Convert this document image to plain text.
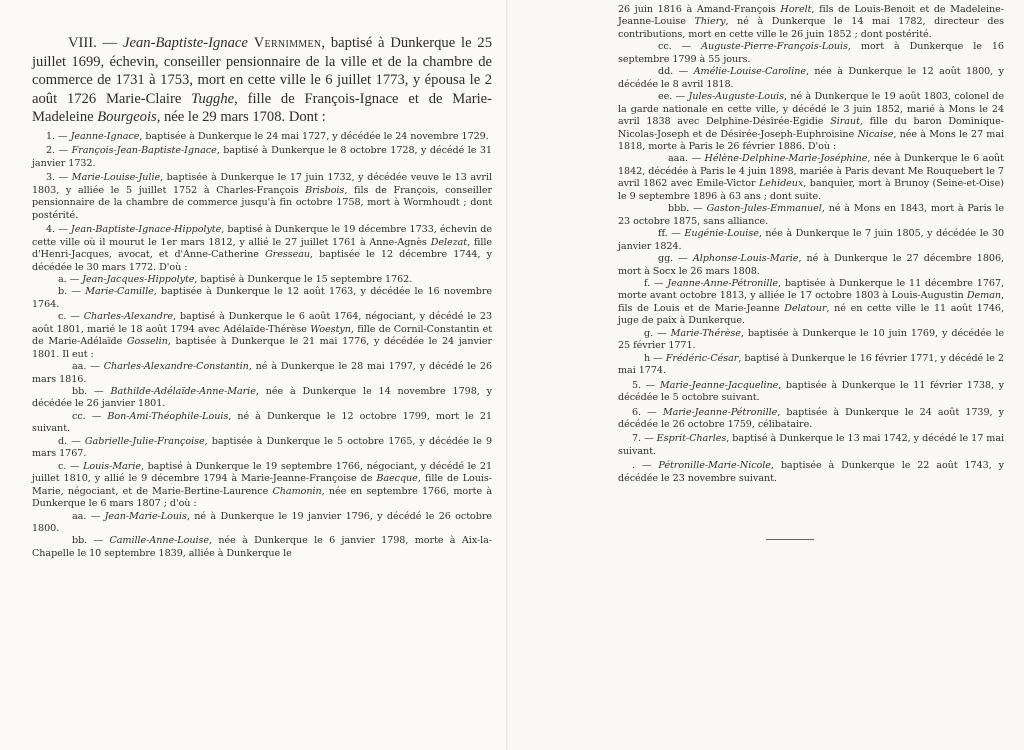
VIII. — Jean-Baptiste-Ignace Vernimmen, baptisé à Dunkerque le 25 juillet 1699, échevin, conseiller pensionnaire de la ville et de la chambre de commerce de 1731 à 1753, mort en cette ville le 6 juillet 1773, y épousa le 2 août 1726 Marie-Claire Tugghe, fille de François-Ignace et de Marie-Madeleine Bourgeois, née le 29 mars 1708. Dont :

1. — Jeanne-Ignace, baptisée à Dunkerque le 24 mai 1727, y décédée le 24 novembre 1729.

2. — François-Jean-Baptiste-Ignace, baptisé à Dunkerque le 8 octobre 1728, y décédé le 31 janvier 1732.

3. — Marie-Louise-Julie, baptisée à Dunkerque le 17 juin 1732, y décédée veuve le 13 avril 1803, y alliée le 5 juillet 1752 à Charles-François Brisbois, fils de François, conseiller pensionnaire de la chambre de commerce jusqu'à fin octobre 1758, mort à Wormhoudt ; dont postérité.

4. — Jean-Baptiste-Ignace-Hippolyte, baptisé à Dunkerque le 19 décembre 1733, échevin de cette ville où il mourut le 1er mars 1812, y allié le 27 juillet 1761 à Anne-Agnès Delezat, fille d'Henri-Jacques, avocat, et d'Anne-Catherine Gresseau, baptisée le 12 décembre 1744, y décédée le 30 mars 1772. D'où :

a. — Jean-Jacques-Hippolyte, baptisé à Dunkerque le 15 septembre 1762.

b. — Marie-Camille, baptisée à Dunkerque le 12 août 1763, y décédée le 16 novembre 1764.

c. — Charles-Alexandre, baptisé à Dunkerque le 6 août 1764, négociant, y décédé le 23 août 1801, marié le 18 août 1794 avec Adélaïde-Thérèse Woestyn, fille de Cornil-Constantin et de Marie-Adélaïde Gosselin, baptisée à Dunkerque le 21 mai 1776, y décédée le 24 janvier 1801. Il eut :

aa. — Charles-Alexandre-Constantin, né à Dunkerque le 28 mai 1797, y décédé le 26 mars 1816.

bb. — Bathilde-Adélaïde-Anne-Marie, née à Dunkerque le 14 novembre 1798, y décédée le 26 janvier 1801.

cc. — Bon-Ami-Théophile-Louis, né à Dunkerque le 12 octobre 1799, mort le 21 suivant.

d. — Gabrielle-Julie-Françoise, baptisée à Dunkerque le 5 octobre 1765, y décédée le 9 mars 1767.

c. — Louis-Marie, baptisé à Dunkerque le 19 septembre 1766, négociant, y décédé le 21 juillet 1810, y allié le 9 décembre 1794 à Marie-Jeanne-Françoise de Baecque, fille de Louis-Marie, négociant, et de Marie-Bertine-Laurence Chamonin, née en septembre 1766, morte à Dunkerque le 6 mars 1807 ; d'où :

aa. — Jean-Marie-Louis, né à Dunkerque le 19 janvier 1796, y décédé le 26 octobre 1800.

bb. — Camille-Anne-Louise, née à Dunkerque le 6 janvier 1798, morte à Aix-la-Chapelle le 10 septembre 1839, alliée à Dunkerque le

26 juin 1816 à Amand-François Horelt, fils de Louis-Benoit et de Madeleine-Jeanne-Louise Thiery, né à Dunkerque le 14 mai 1782, directeur des contributions, mort en cette ville le 26 juin 1852 ; dont postérité.

cc. — Auguste-Pierre-François-Louis, mort à Dunkerque le 16 septembre 1799 à 55 jours.

dd. — Amélie-Louise-Caroline, née à Dunkerque le 12 août 1800, y décédée le 8 avril 1818.

ee. — Jules-Auguste-Louis, né à Dunkerque le 19 août 1803, colonel de la garde nationale en cette ville, y décédé le 3 juin 1852, marié à Mons le 24 avril 1838 avec Delphine-Désirée-Egidie Siraut, fille du baron Dominique-Nicolas-Joseph et de Désirée-Joseph-Euphroisine Nicaise, née à Mons le 27 mai 1818, morte à Paris le 26 février 1886. D'où :

aaa. — Hélène-Delphine-Marie-Joséphine, née à Dunkerque le 6 août 1842, décédée à Paris le 4 juin 1898, mariée à Paris devant Me Rouquebert le 7 avril 1862 avec Emile-Victor Lehideux, banquier, mort à Brunoy (Seine-et-Oise) le 9 septembre 1896 à 63 ans ; dont suite.

bbb. — Gaston-Jules-Emmanuel, né à Mons en 1843, mort à Paris le 23 octobre 1875, sans alliance.

ff. — Eugénie-Louise, née à Dunkerque le 7 juin 1805, y décédée le 30 janvier 1824.

gg. — Alphonse-Louis-Marie, né à Dunkerque le 27 décembre 1806, mort à Socx le 26 mars 1808.

f. — Jeanne-Anne-Pétronille, baptisée à Dunkerque le 11 décembre 1767, morte avant octobre 1813, y alliée le 17 octobre 1803 à Louis-Augustin Deman, fils de Louis et de Marie-Jeanne Delatour, né en cette ville le 11 août 1746, juge de paix à Dunkerque.

g. — Marie-Thérèse, baptisée à Dunkerque le 10 juin 1769, y décédée le 25 février 1771.

h — Frédéric-César, baptisé à Dunkerque le 16 février 1771, y décédé le 2 mai 1774.

5. — Marie-Jeanne-Jacqueline, baptisée à Dunkerque le 11 février 1738, y décédée le 5 octobre suivant.

6. — Marie-Jeanne-Pétronille, baptisée à Dunkerque le 24 août 1739, y décédée le 26 octobre 1759, célibataire.

7. — Esprit-Charles, baptisé à Dunkerque le 13 mai 1742, y décédé le 17 mai suivant.

. — Pétronille-Marie-Nicole, baptisée à Dunkerque le 22 août 1743, y décédée le 23 novembre suivant.
